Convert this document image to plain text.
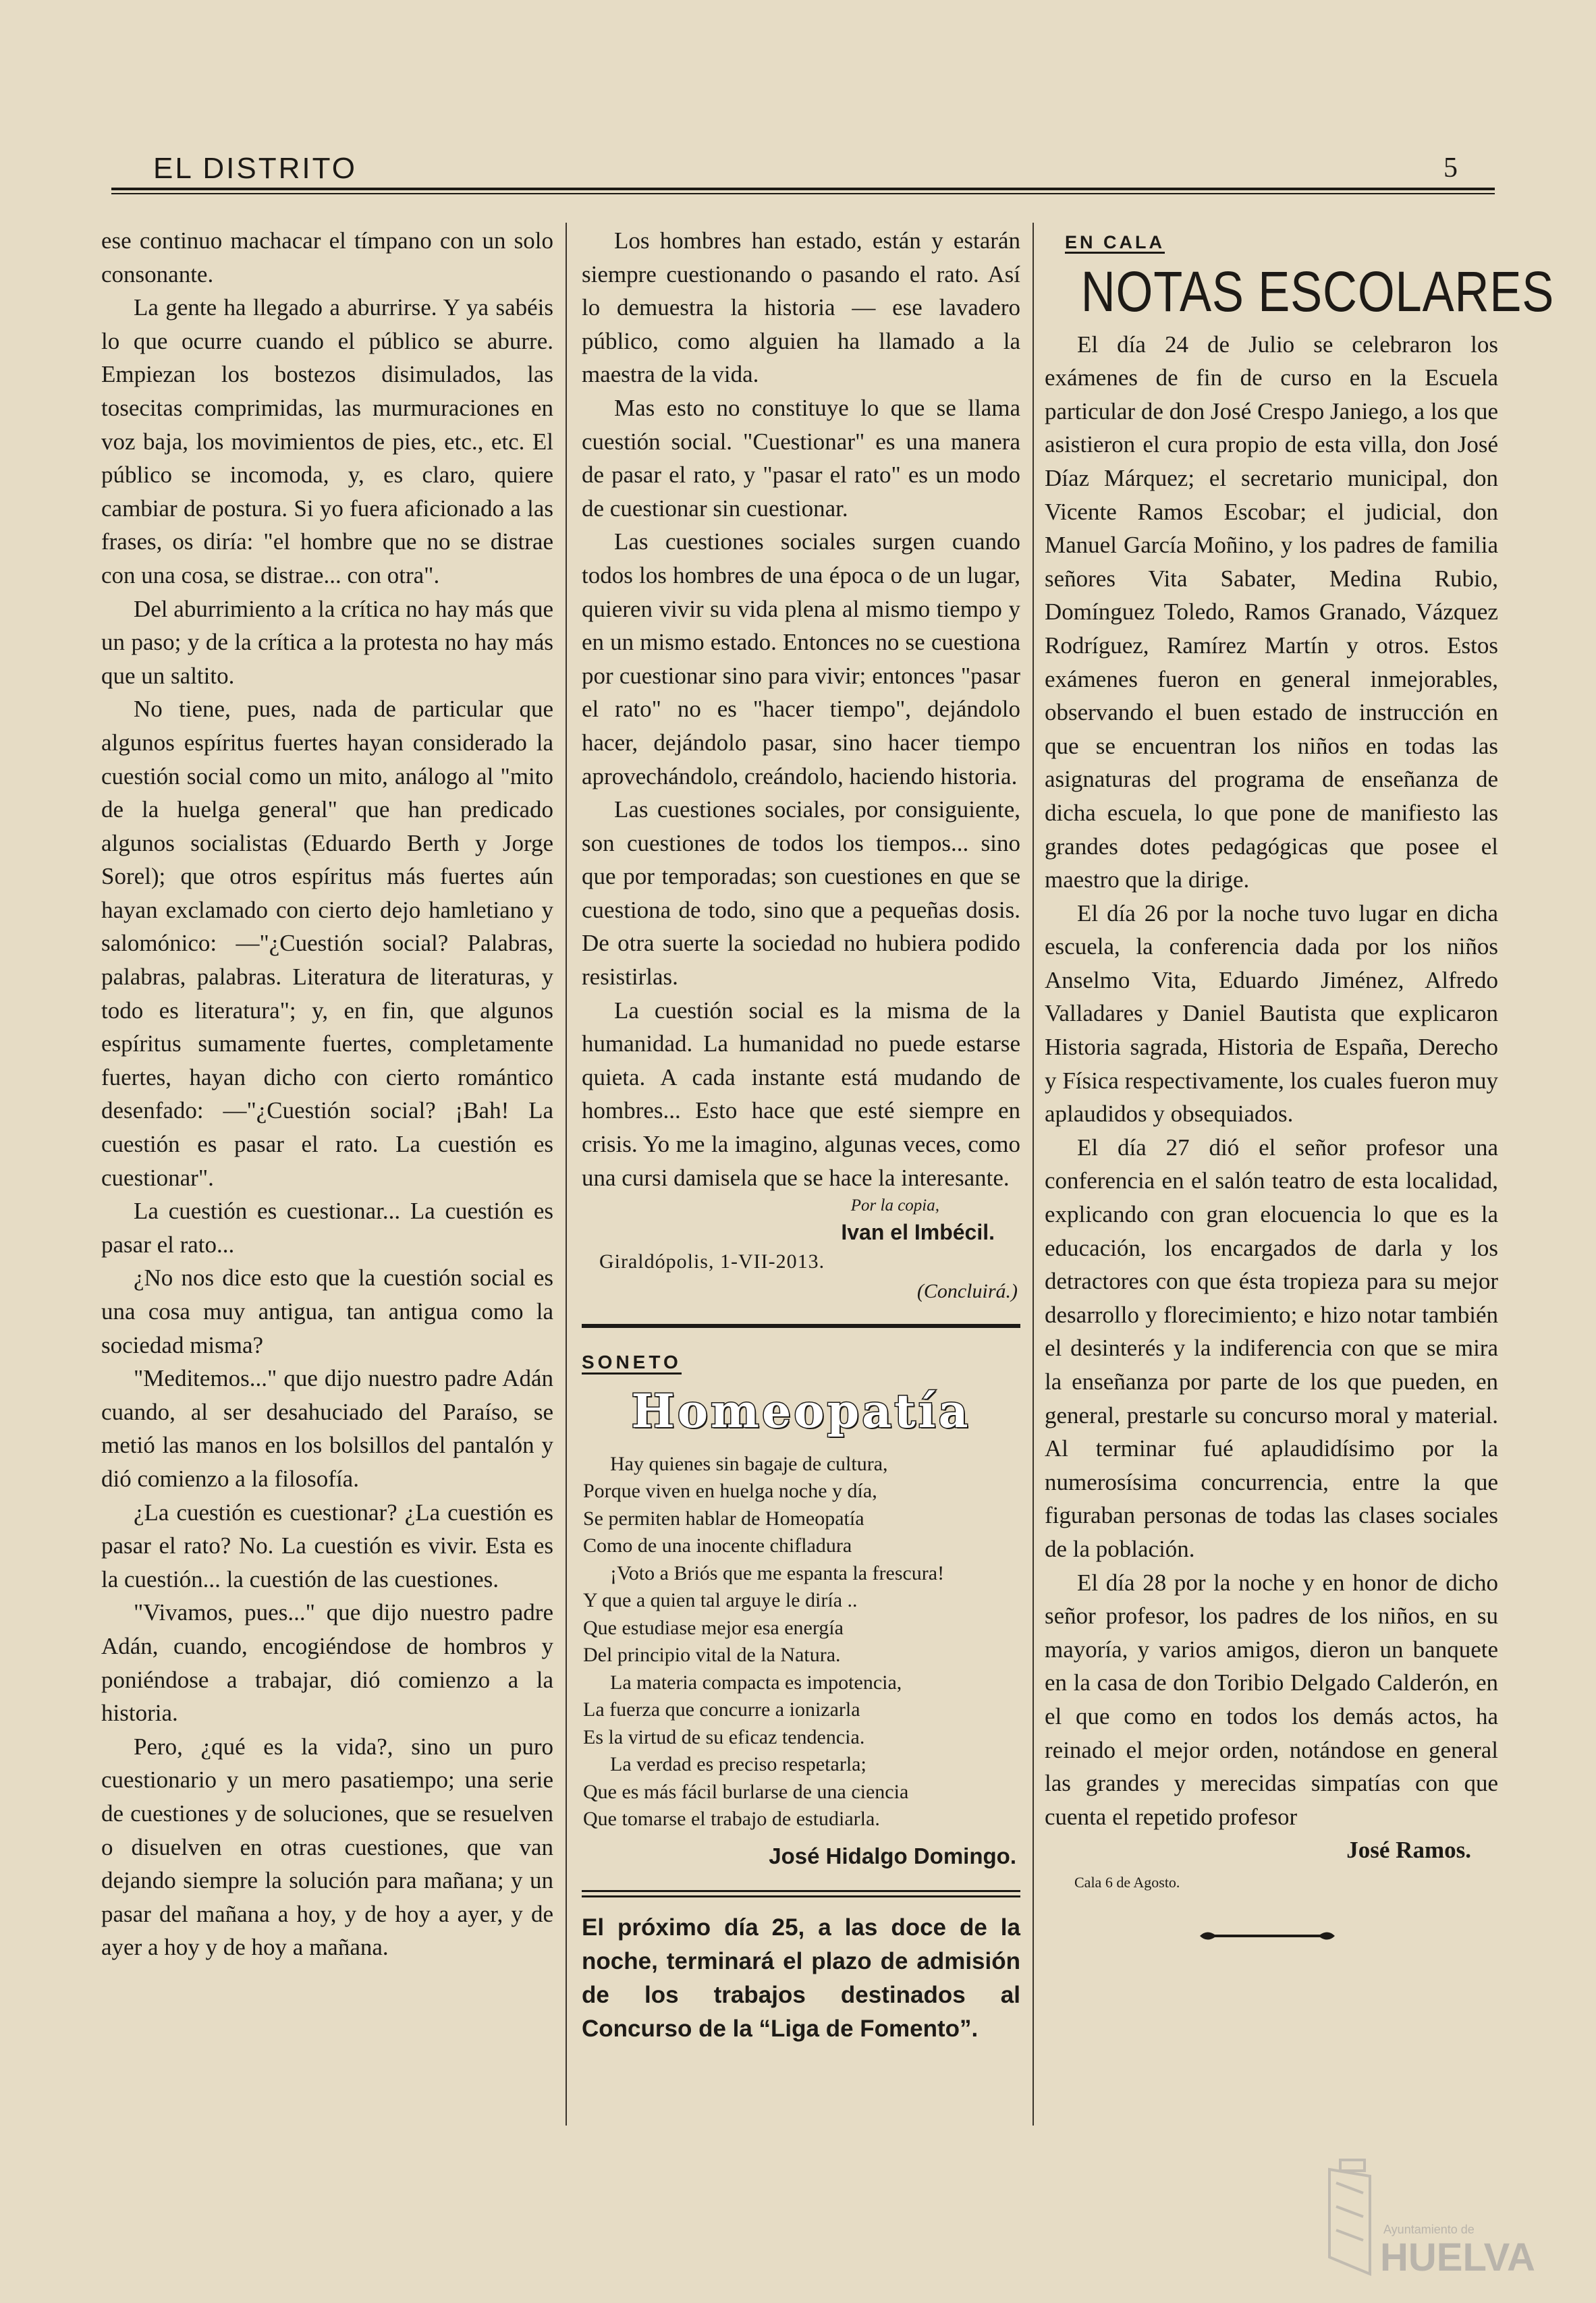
EL DISTRITO	5

ese continuo machacar el tímpano con un solo consonante.

La gente ha llegado a aburrirse. Y ya sabéis lo que ocurre cuando el público se aburre. Empiezan los bostezos disimulados, las tosecitas comprimidas, las murmuraciones en voz baja, los movimientos de pies, etc., etc. El público se incomoda, y, es claro, quiere cambiar de postura. Si yo fuera aficionado a las frases, os diría: "el hombre que no se distrae con una cosa, se distrae... con otra".

Del aburrimiento a la crítica no hay más que un paso; y de la crítica a la protesta no hay más que un saltito.

No tiene, pues, nada de particular que algunos espíritus fuertes hayan considerado la cuestión social como un mito, análogo al "mito de la huelga general" que han predicado algunos socialistas (Eduardo Berth y Jorge Sorel); que otros espíritus más fuertes aún hayan exclamado con cierto dejo hamletiano y salomónico: —"¿Cuestión social? Palabras, palabras, palabras. Literatura de literaturas, y todo es literatura"; y, en fin, que algunos espíritus sumamente fuertes, completamente fuertes, hayan dicho con cierto romántico desenfado: —"¿Cuestión social? ¡Bah! La cuestión es pasar el rato. La cuestión es cuestionar".

La cuestión es cuestionar... La cuestión es pasar el rato...

¿No nos dice esto que la cuestión social es una cosa muy antigua, tan antigua como la sociedad misma?

"Meditemos..." que dijo nuestro padre Adán cuando, al ser desahuciado del Paraíso, se metió las manos en los bolsillos del pantalón y dió comienzo a la filosofía.

¿La cuestión es cuestionar? ¿La cuestión es pasar el rato? No. La cuestión es vivir. Esta es la cuestión... la cuestión de las cuestiones.

"Vivamos, pues..." que dijo nuestro padre Adán, cuando, encogiéndose de hombros y poniéndose a trabajar, dió comienzo a la historia.

Pero, ¿qué es la vida?, sino un puro cuestionario y un mero pasatiempo; una serie de cuestiones y de soluciones, que se resuelven o disuelven en otras cuestiones, que van dejando siempre la solución para mañana; y un pasar del mañana a hoy, y de hoy a ayer, y de ayer a hoy y de hoy a mañana.

Los hombres han estado, están y estarán siempre cuestionando o pasando el rato. Así lo demuestra la historia — ese lavadero público, como alguien ha llamado a la maestra de la vida.

Mas esto no constituye lo que se llama cuestión social. "Cuestionar" es una manera de pasar el rato, y "pasar el rato" es un modo de cuestionar sin cuestionar.

Las cuestiones sociales surgen cuando todos los hombres de una época o de un lugar, quieren vivir su vida plena al mismo tiempo y en un mismo estado. Entonces no se cuestiona por cuestionar sino para vivir; entonces "pasar el rato" no es "hacer tiempo", dejándolo hacer, dejándolo pasar, sino hacer tiempo aprovechándolo, creándolo, haciendo historia.

Las cuestiones sociales, por consiguiente, son cuestiones de todos los tiempos... sino que por temporadas; son cuestiones en que se cuestiona de todo, sino que a pequeñas dosis. De otra suerte la sociedad no hubiera podido resistirlas.

La cuestión social es la misma de la humanidad. La humanidad no puede estarse quieta. A cada instante está mudando de hombres... Esto hace que esté siempre en crisis. Yo me la imagino, algunas veces, como una cursi damisela que se hace la interesante.

Por la copia,
Ivan el Imbécil.
Giraldópolis, 1-VII-2013.
(Concluirá.)
SONETO
Homeopatía
Hay quienes sin bagaje de cultura,
Porque viven en huelga noche y día,
Se permiten hablar de Homeopatía
Como de una inocente chifladura
¡Voto a Briós que me espanta la frescura!
Y que a quien tal arguye le diría ..
Que estudiase mejor esa energía
Del principio vital de la Natura.
La materia compacta es impotencia,
La fuerza que concurre a ionizarla
Es la virtud de su eficaz tendencia.
La verdad es preciso respetarla;
Que es más fácil burlarse de una ciencia
Que tomarse el trabajo de estudiarla.
José Hidalgo Domingo.
El próximo día 25, a las doce de la noche, terminará el plazo de admisión de los trabajos destinados al Concurso de la “Liga de Fomento”.
EN CALA
NOTAS ESCOLARES

El día 24 de Julio se celebraron los exámenes de fin de curso en la Escuela particular de don José Crespo Janiego, a los que asistieron el cura propio de esta villa, don José Díaz Márquez; el secretario municipal, don Vicente Ramos Escobar; el judicial, don Manuel García Moñino, y los padres de familia señores Vita Sabater, Medina Rubio, Domínguez Toledo, Ramos Granado, Vázquez Rodríguez, Ramírez Martín y otros. Estos exámenes fueron en general inmejorables, observando el buen estado de instrucción en que se encuentran los niños en todas las asignaturas del programa de enseñanza de dicha escuela, lo que pone de manifiesto las grandes dotes pedagógicas que posee el maestro que la dirige.

El día 26 por la noche tuvo lugar en dicha escuela, la conferencia dada por los niños Anselmo Vita, Eduardo Jiménez, Alfredo Valladares y Daniel Bautista que explicaron Historia sagrada, Historia de España, Derecho y Física respectivamente, los cuales fueron muy aplaudidos y obsequiados.

El día 27 dió el señor profesor una conferencia en el salón teatro de esta localidad, explicando con gran elocuencia lo que es la educación, los encargados de darla y los detractores con que ésta tropieza para su mejor desarrollo y florecimiento; e hizo notar también el desinterés y la indiferencia con que se mira la enseñanza por parte de los que pueden, en general, prestarle su concurso moral y material. Al terminar fué aplaudidísimo por la numerosísima concurrencia, entre la que figuraban personas de todas las clases sociales de la población.

El día 28 por la noche y en honor de dicho señor profesor, los padres de los niños, en su mayoría, y varios amigos, dieron un banquete en la casa de don Toribio Delgado Calderón, en el que como en todos los demás actos, ha reinado el mejor orden, notándose en general las grandes y merecidas simpatías con que cuenta el repetido profesor

José Ramos.
Cala 6 de Agosto.
Ayuntamiento de
HUELVA
